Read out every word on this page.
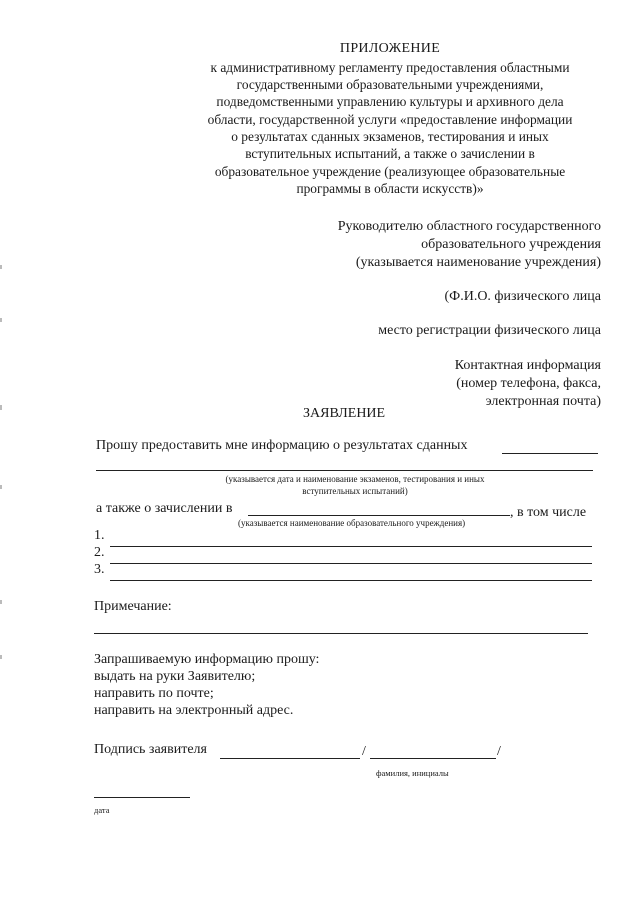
ПРИЛОЖЕНИЕ
к административному регламенту предоставления областными
государственными образовательными учреждениями,
подведомственными управлению культуры и архивного дела
области, государственной услуги «предоставление информации
о результатах сданных экзаменов, тестирования и иных
вступительных испытаний, а также о зачислении в
образовательное учреждение (реализующее образовательные
программы в области искусств)»
Руководителю областного государственного
образовательного учреждения
(указывается наименование учреждения)
(Ф.И.О. физического лица
место регистрации физического лица
Контактная информация
(номер телефона, факса,
электронная почта)
ЗАЯВЛЕНИЕ
Прошу предоставить мне информацию о результатах сданных
(указывается дата и наименование экзаменов, тестирования и иных
вступительных испытаний)
а также о зачислении в	, в том числе
(указывается наименование образовательного учреждения)
1.
2.
3.
Примечание:
Запрашиваемую информацию прошу:
выдать на руки Заявителю;
направить по почте;
направить на электронный адрес.
Подпись заявителя	/	/
фамилия, инициалы
дата
